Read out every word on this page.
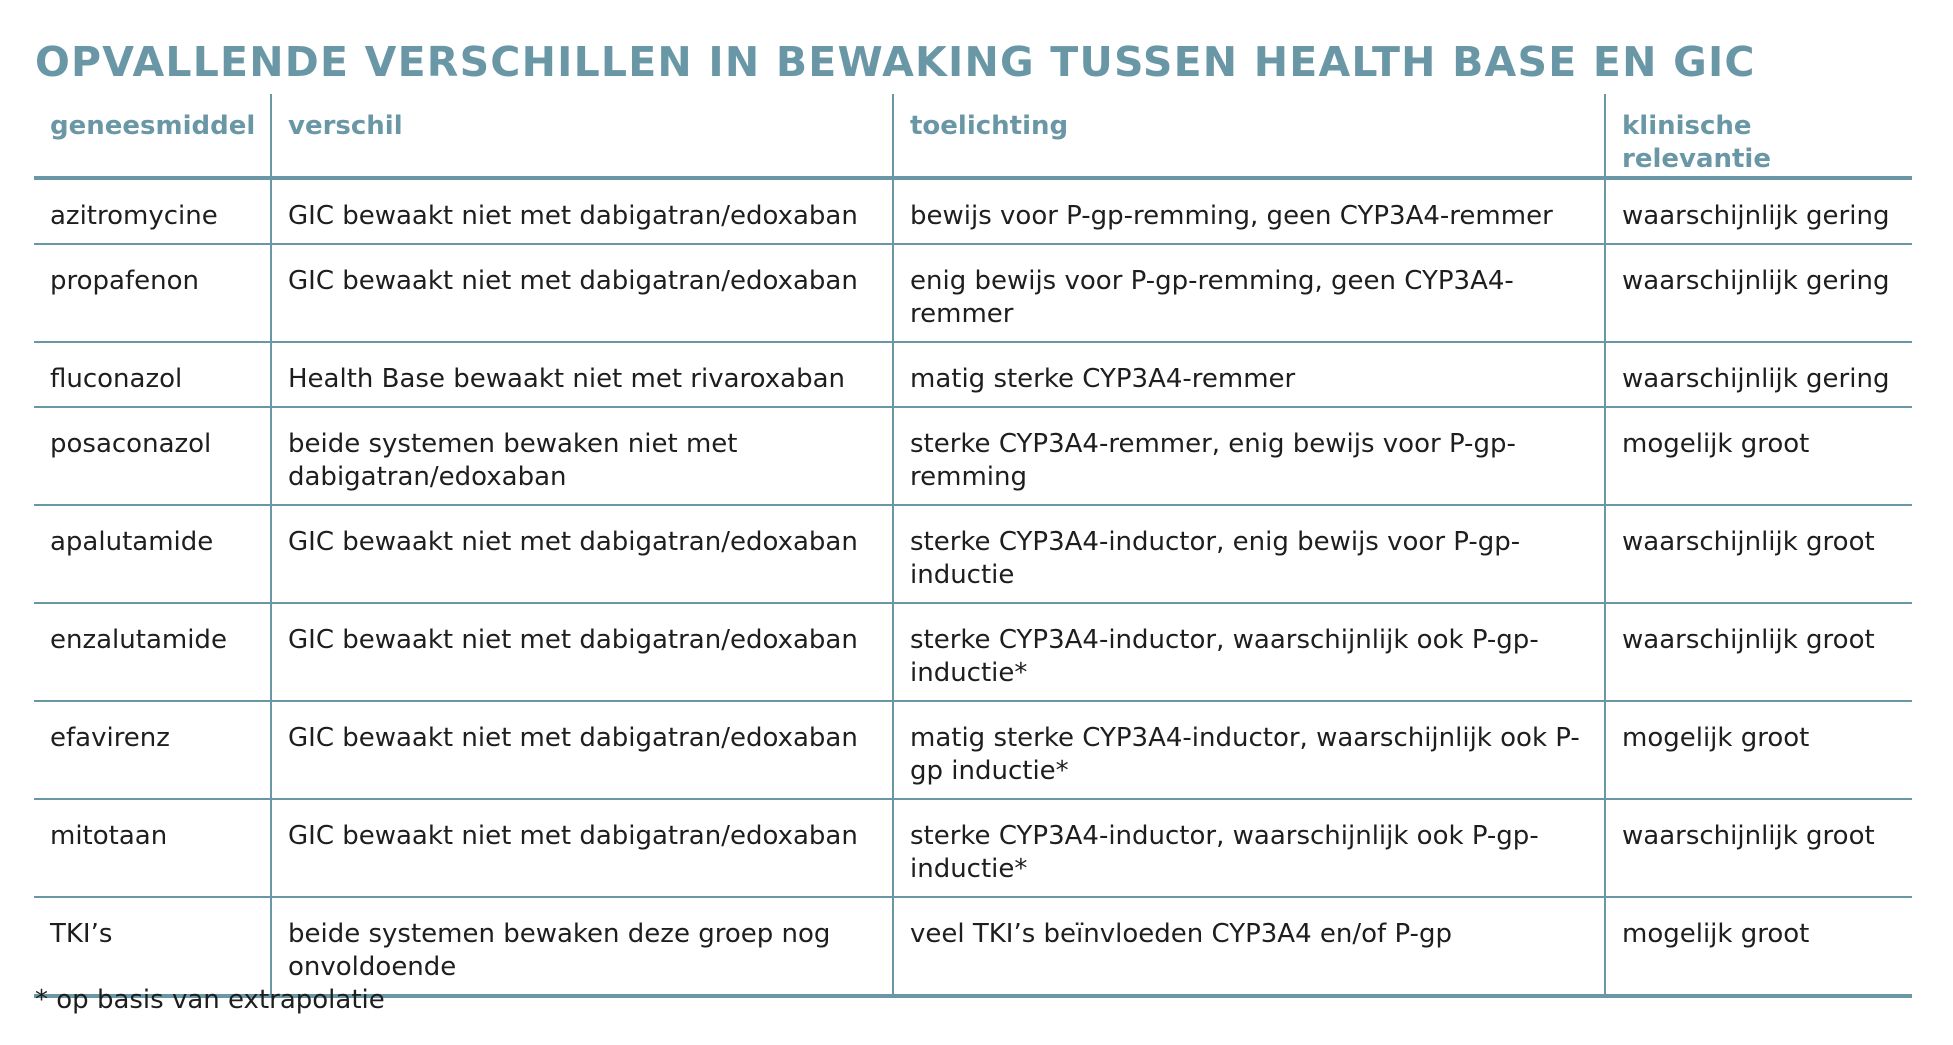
OPVALLENDE VERSCHILLEN IN BEWAKING TUSSEN HEALTH BASE EN GIC
geneesmiddel	verschil	toelichting	klinische relevantie
azitromycine	GIC bewaakt niet met dabigatran/edoxaban	bewijs voor P-gp-remming, geen CYP3A4-remmer	waarschijnlijk gering
propafenon	GIC bewaakt niet met dabigatran/edoxaban	enig bewijs voor P-gp-remming, geen CYP3A4-remmer	waarschijnlijk gering
fluconazol	Health Base bewaakt niet met rivaroxaban	matig sterke CYP3A4-remmer	waarschijnlijk gering
posaconazol	beide systemen bewaken niet met dabigatran/edoxaban	sterke CYP3A4-remmer, enig bewijs voor P-gp-remming	mogelijk groot
apalutamide	GIC bewaakt niet met dabigatran/edoxaban	sterke CYP3A4-inductor, enig bewijs voor P-gp-inductie	waarschijnlijk groot
enzalutamide	GIC bewaakt niet met dabigatran/edoxaban	sterke CYP3A4-inductor, waarschijnlijk ook P-gp-inductie*	waarschijnlijk groot
efavirenz	GIC bewaakt niet met dabigatran/edoxaban	matig sterke CYP3A4-inductor, waarschijnlijk ook P-gp inductie*	mogelijk groot
mitotaan	GIC bewaakt niet met dabigatran/edoxaban	sterke CYP3A4-inductor, waarschijnlijk ook P-gp-inductie*	waarschijnlijk groot
TKI’s	beide systemen bewaken deze groep nog onvoldoende	veel TKI’s beïnvloeden CYP3A4 en/of P-gp	mogelijk groot
* op basis van extrapolatie
